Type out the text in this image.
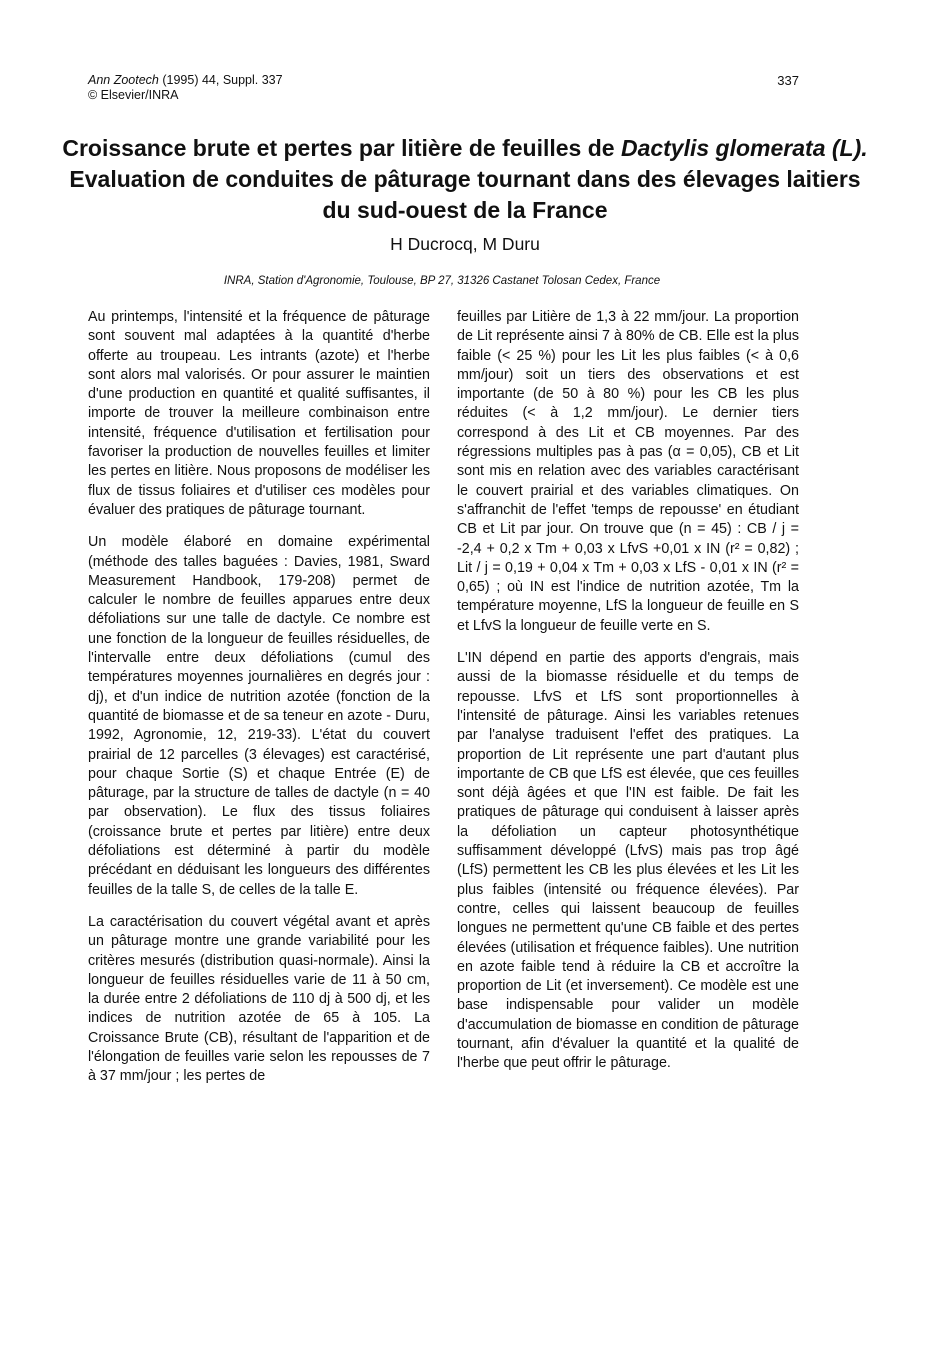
Ann Zootech (1995) 44, Suppl. 337
© Elsevier/INRA
337
Croissance brute et pertes par litière de feuilles de Dactylis glomerata (L). Evaluation de conduites de pâturage tournant dans des élevages laitiers du sud-ouest de la France
H Ducrocq, M Duru
INRA, Station d'Agronomie, Toulouse, BP 27, 31326 Castanet Tolosan Cedex, France

Au printemps, l'intensité et la fréquence de pâturage sont souvent mal adaptées à la quantité d'herbe offerte au troupeau. Les intrants (azote) et l'herbe sont alors mal valorisés. Or pour assurer le maintien d'une production en quantité et qualité suffisantes, il importe de trouver la meilleure combinaison entre intensité, fréquence d'utilisation et fertilisation pour favoriser la production de nouvelles feuilles et limiter les pertes en litière. Nous proposons de modéliser les flux de tissus foliaires et d'utiliser ces modèles pour évaluer des pratiques de pâturage tournant.

Un modèle élaboré en domaine expérimental (méthode des talles baguées : Davies, 1981, Sward Measurement Handbook, 179-208) permet de calculer le nombre de feuilles apparues entre deux défoliations sur une talle de dactyle. Ce nombre est une fonction de la longueur de feuilles résiduelles, de l'intervalle entre deux défoliations (cumul des températures moyennes journalières en degrés jour : dj), et d'un indice de nutrition azotée (fonction de la quantité de biomasse et de sa teneur en azote - Duru, 1992, Agronomie, 12, 219-33). L'état du couvert prairial de 12 parcelles (3 élevages) est caractérisé, pour chaque Sortie (S) et chaque Entrée (E) de pâturage, par la structure de talles de dactyle (n = 40 par observation). Le flux des tissus foliaires (croissance brute et pertes par litière) entre deux défoliations est déterminé à partir du modèle précédant en déduisant les longueurs des différentes feuilles de la talle S, de celles de la talle E.

La caractérisation du couvert végétal avant et après un pâturage montre une grande variabilité pour les critères mesurés (distribution quasi-normale). Ainsi la longueur de feuilles résiduelles varie de 11 à 50 cm, la durée entre 2 défoliations de 110 dj à 500 dj, et les indices de nutrition azotée de 65 à 105. La Croissance Brute (CB), résultant de l'apparition et de l'élongation de feuilles varie selon les repousses de 7 à 37 mm/jour ; les pertes de

feuilles par Litière de 1,3 à 22 mm/jour. La proportion de Lit représente ainsi 7 à 80% de CB. Elle est la plus faible (< 25 %) pour les Lit les plus faibles (< à 0,6 mm/jour) soit un tiers des observations et est importante (de 50 à 80 %) pour les CB les plus réduites (< à 1,2 mm/jour). Le dernier tiers correspond à des Lit et CB moyennes. Par des régressions multiples pas à pas (α = 0,05), CB et Lit sont mis en relation avec des variables caractérisant le couvert prairial et des variables climatiques. On s'affranchit de l'effet 'temps de repousse' en étudiant CB et Lit par jour. On trouve que (n = 45) : CB / j = -2,4 + 0,2 x Tm + 0,03 x LfvS +0,01 x IN (r² = 0,82) ; Lit / j = 0,19 + 0,04 x Tm + 0,03 x LfS - 0,01 x IN (r² = 0,65) ; où IN est l'indice de nutrition azotée, Tm la température moyenne, LfS la longueur de feuille en S et LfvS la longueur de feuille verte en S.

L'IN dépend en partie des apports d'engrais, mais aussi de la biomasse résiduelle et du temps de repousse. LfvS et LfS sont proportionnelles à l'intensité de pâturage. Ainsi les variables retenues par l'analyse traduisent l'effet des pratiques. La proportion de Lit représente une part d'autant plus importante de CB que LfS est élevée, que ces feuilles sont déjà âgées et que l'IN est faible. De fait les pratiques de pâturage qui conduisent à laisser après la défoliation un capteur photosynthétique suffisamment développé (LfvS) mais pas trop âgé (LfS) permettent les CB les plus élevées et les Lit les plus faibles (intensité ou fréquence élevées). Par contre, celles qui laissent beaucoup de feuilles longues ne permettent qu'une CB faible et des pertes élevées (utilisation et fréquence faibles). Une nutrition en azote faible tend à réduire la CB et accroître la proportion de Lit (et inversement). Ce modèle est une base indispensable pour valider un modèle d'accumulation de biomasse en condition de pâturage tournant, afin d'évaluer la quantité et la qualité de l'herbe que peut offrir le pâturage.
